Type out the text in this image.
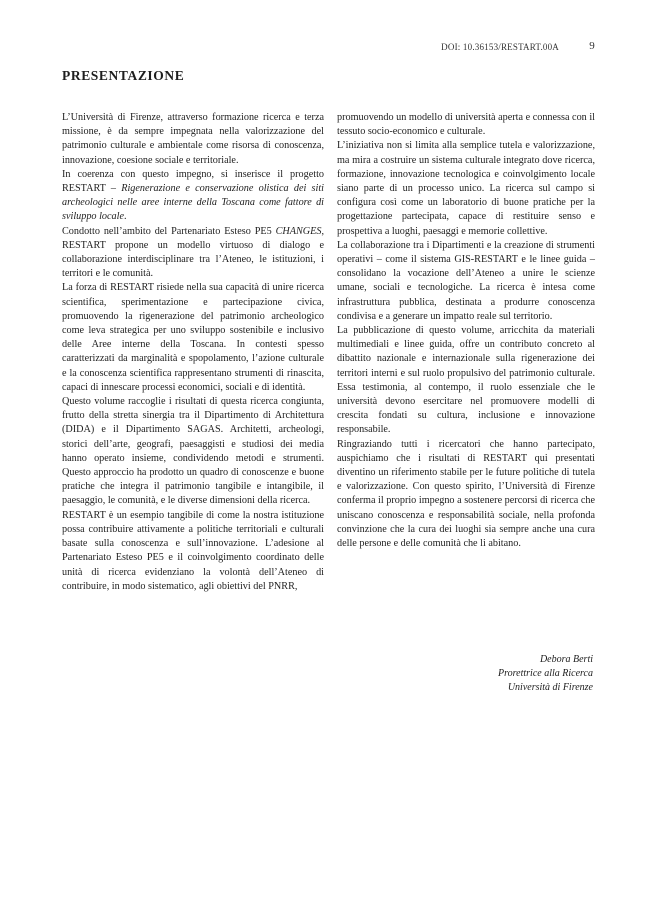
DOI: 10.36153/RESTART.00A	9
PRESENTAZIONE

L’Università di Firenze, attraverso formazione ricerca e terza missione, è da sempre impegnata nella valorizzazione del patrimonio culturale e ambientale come risorsa di conoscenza, innovazione, coesione sociale e territoriale.

In coerenza con questo impegno, si inserisce il progetto RESTART – Rigenerazione e conservazione olistica dei siti archeologici nelle aree interne della Toscana come fattore di sviluppo locale.

Condotto nell’ambito del Partenariato Esteso PE5 CHANGES, RESTART propone un modello virtuoso di dialogo e collaborazione interdisciplinare tra l’Ateneo, le istituzioni, i territori e le comunità.

La forza di RESTART risiede nella sua capacità di unire ricerca scientifica, sperimentazione e partecipazione civica, promuovendo la rigenerazione del patrimonio archeologico come leva strategica per uno sviluppo sostenibile e inclusivo delle Aree interne della Toscana. In contesti spesso caratterizzati da marginalità e spopolamento, l’azione culturale e la conoscenza scientifica rappresentano strumenti di rinascita, capaci di innescare processi economici, sociali e di identità.

Questo volume raccoglie i risultati di questa ricerca congiunta, frutto della stretta sinergia tra il Dipartimento di Architettura (DIDA) e il Dipartimento SAGAS. Architetti, archeologi, storici dell’arte, geografi, paesaggisti e studiosi dei media hanno operato insieme, condividendo metodi e strumenti. Questo approccio ha prodotto un quadro di conoscenze e buone pratiche che integra il patrimonio tangibile e intangibile, il paesaggio, le comunità, e le diverse dimensioni della ricerca.

RESTART è un esempio tangibile di come la nostra istituzione possa contribuire attivamente a politiche territoriali e culturali basate sulla conoscenza e sull’innovazione. L’adesione al Partenariato Esteso PE5 e il coinvolgimento coordinato delle unità di ricerca evidenziano la volontà dell’Ateneo di contribuire, in modo sistematico, agli obiettivi del PNRR,

promuovendo un modello di università aperta e connessa con il tessuto socio-economico e culturale.

L’iniziativa non si limita alla semplice tutela e valorizzazione, ma mira a costruire un sistema culturale integrato dove ricerca, formazione, innovazione tecnologica e coinvolgimento locale siano parte di un processo unico. La ricerca sul campo si configura così come un laboratorio di buone pratiche per la progettazione partecipata, capace di restituire senso e prospettiva a luoghi, paesaggi e memorie collettive.

La collaborazione tra i Dipartimenti e la creazione di strumenti operativi – come il sistema GIS-RESTART e le linee guida – consolidano la vocazione dell’Ateneo a unire le scienze umane, sociali e tecnologiche. La ricerca è intesa come infrastruttura pubblica, destinata a produrre conoscenza condivisa e a generare un impatto reale sul territorio.

La pubblicazione di questo volume, arricchita da materiali multimediali e linee guida, offre un contributo concreto al dibattito nazionale e internazionale sulla rigenerazione dei territori interni e sul ruolo propulsivo del patrimonio culturale. Essa testimonia, al contempo, il ruolo essenziale che le università devono esercitare nel promuovere modelli di crescita fondati su cultura, inclusione e innovazione responsabile.

Ringraziando tutti i ricercatori che hanno partecipato, auspichiamo che i risultati di RESTART qui presentati diventino un riferimento stabile per le future politiche di tutela e valorizzazione. Con questo spirito, l’Università di Firenze conferma il proprio impegno a sostenere percorsi di ricerca che uniscano conoscenza e responsabilità sociale, nella profonda convinzione che la cura dei luoghi sia sempre anche una cura delle persone e delle comunità che li abitano.

Debora Berti
Prorettrice alla Ricerca
Università di Firenze
